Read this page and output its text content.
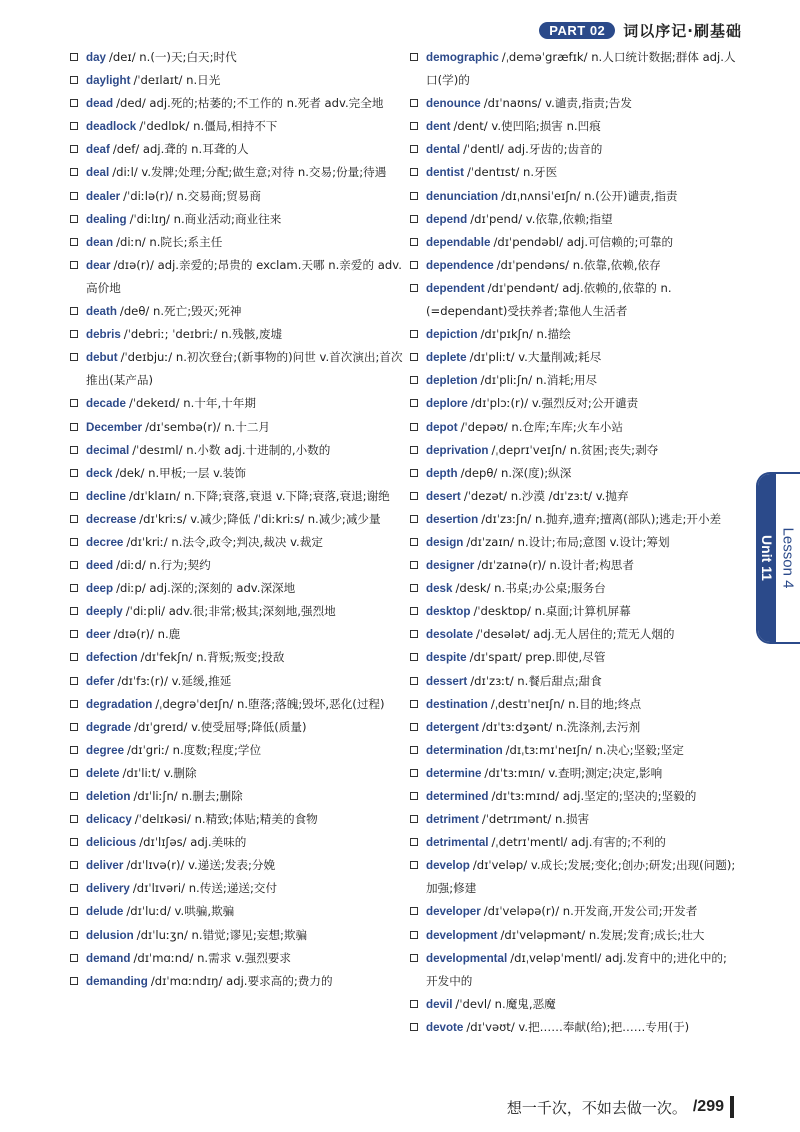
PART 02	词以序记·刷基础
day /deɪ/ n.(一)天;白天;时代
daylight /ˈdeɪlaɪt/ n.日光
dead /ded/ adj.死的;枯萎的;不工作的 n.死者 adv.完全地
deadlock /ˈdedlɒk/ n.僵局,相持不下
deaf /def/ adj.聋的 n.耳聋的人
deal /diːl/ v.发牌;处理;分配;做生意;对待 n.交易;份量;待遇
dealer /ˈdiːlə(r)/ n.交易商;贸易商
dealing /ˈdiːlɪŋ/ n.商业活动;商业往来
dean /diːn/ n.院长;系主任
dear /dɪə(r)/ adj.亲爱的;昂贵的 exclam.天哪 n.亲爱的 adv.高价地
death /deθ/ n.死亡;毁灭;死神
debris /ˈdebriː; ˈdeɪbriː/ n.残骸,废墟
debut /ˈdeɪbjuː/ n.初次登台;(新事物的)问世 v.首次演出;首次推出(某产品)
decade /ˈdekeɪd/ n.十年,十年期
December /dɪˈsembə(r)/ n.十二月
decimal /ˈdesɪml/ n.小数 adj.十进制的,小数的
deck /dek/ n.甲板;一层 v.装饰
decline /dɪˈklaɪn/ n.下降;衰落,衰退 v.下降;衰落,衰退;谢绝
decrease /dɪˈkriːs/ v.减少;降低 /ˈdiːkriːs/ n.减少;减少量
decree /dɪˈkriː/ n.法令,政令;判决,裁决 v.裁定
deed /diːd/ n.行为;契约
deep /diːp/ adj.深的;深刻的 adv.深深地
deeply /ˈdiːpli/ adv.很;非常;极其;深刻地,强烈地
deer /dɪə(r)/ n.鹿
defection /dɪˈfekʃn/ n.背叛;叛变;投敌
defer /dɪˈfɜː(r)/ v.延缓,推延
degradation /ˌdegrəˈdeɪʃn/ n.堕落;落魄;毁坏,恶化(过程)
degrade /dɪˈgreɪd/ v.使受屈辱;降低(质量)
degree /dɪˈgriː/ n.度数;程度;学位
delete /dɪˈliːt/ v.删除
deletion /dɪˈliːʃn/ n.删去;删除
delicacy /ˈdelɪkəsi/ n.精致;体贴;精美的食物
delicious /dɪˈlɪʃəs/ adj.美味的
deliver /dɪˈlɪvə(r)/ v.递送;发表;分娩
delivery /dɪˈlɪvəri/ n.传送;递送;交付
delude /dɪˈluːd/ v.哄骗,欺骗
delusion /dɪˈluːʒn/ n.错觉;谬见;妄想;欺骗
demand /dɪˈmɑːnd/ n.需求 v.强烈要求
demanding /dɪˈmɑːndɪŋ/ adj.要求高的;费力的
demographic /ˌdeməˈgræfɪk/ n.人口统计数据;群体 adj.人口(学)的
denounce /dɪˈnaʊns/ v.谴责,指责;告发
dent /dent/ v.使凹陷;损害 n.凹痕
dental /ˈdentl/ adj.牙齿的;齿音的
dentist /ˈdentɪst/ n.牙医
denunciation /dɪˌnʌnsiˈeɪʃn/ n.(公开)谴责,指责
depend /dɪˈpend/ v.依靠,依赖;指望
dependable /dɪˈpendəbl/ adj.可信赖的;可靠的
dependence /dɪˈpendəns/ n.依靠,依赖,依存
dependent /dɪˈpendənt/ adj.依赖的,依靠的 n.(=dependant)受扶养者;靠他人生活者
depiction /dɪˈpɪkʃn/ n.描绘
deplete /dɪˈpliːt/ v.大量削减;耗尽
depletion /dɪˈpliːʃn/ n.消耗;用尽
deplore /dɪˈplɔː(r)/ v.强烈反对;公开谴责
depot /ˈdepəʊ/ n.仓库;车库;火车小站
deprivation /ˌdeprɪˈveɪʃn/ n.贫困;丧失;剥夺
depth /depθ/ n.深(度);纵深
desert /ˈdezət/ n.沙漠 /dɪˈzɜːt/ v.抛弃
desertion /dɪˈzɜːʃn/ n.抛弃,遗弃;擅离(部队);逃走;开小差
design /dɪˈzaɪn/ n.设计;布局;意图 v.设计;筹划
designer /dɪˈzaɪnə(r)/ n.设计者;构思者
desk /desk/ n.书桌;办公桌;服务台
desktop /ˈdesktɒp/ n.桌面;计算机屏幕
desolate /ˈdesələt/ adj.无人居住的;荒无人烟的
despite /dɪˈspaɪt/ prep.即使,尽管
dessert /dɪˈzɜːt/ n.餐后甜点;甜食
destination /ˌdestɪˈneɪʃn/ n.目的地;终点
detergent /dɪˈtɜːdʒənt/ n.洗涤剂,去污剂
determination /dɪˌtɜːmɪˈneɪʃn/ n.决心;坚毅;坚定
determine /dɪˈtɜːmɪn/ v.查明;测定;决定,影响
determined /dɪˈtɜːmɪnd/ adj.坚定的;坚决的;坚毅的
detriment /ˈdetrɪmənt/ n.损害
detrimental /ˌdetrɪˈmentl/ adj.有害的;不利的
develop /dɪˈveləp/ v.成长;发展;变化;创办;研发;出现(问题);加强;修建
developer /dɪˈveləpə(r)/ n.开发商,开发公司;开发者
development /dɪˈveləpmənt/ n.发展;发育;成长;壮大
developmental /dɪˌveləpˈmentl/ adj.发育中的;进化中的;开发中的
devil /ˈdevl/ n.魔鬼,恶魔
devote /dɪˈvəʊt/ v.把……奉献(给);把……专用(于)
Unit 11 Lesson 4
想一千次，不如去做一次。 /299
